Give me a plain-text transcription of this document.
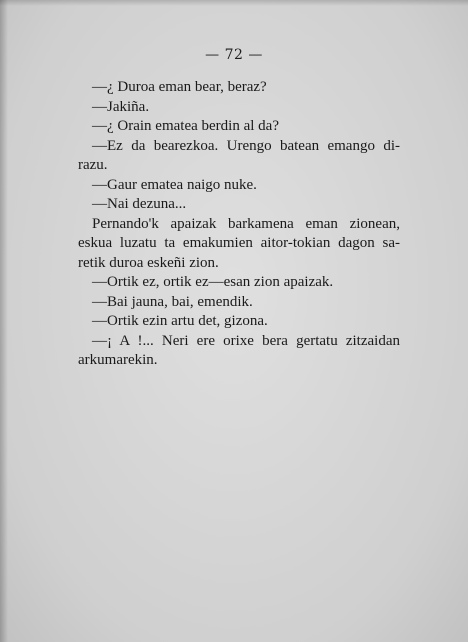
— 72 —
—¿ Duroa eman bear, beraz?
—Jakiña.
—¿ Orain ematea berdin al da?
—Ez da bearezkoa. Urengo batean emango di-
razu.
—Gaur ematea naigo nuke.
—Nai dezuna...
Pernando'k apaizak barkamena eman zionean,
eskua luzatu ta emakumien aitor-tokian dagon sa-
retik duroa eskeñi zion.
—Ortik ez, ortik ez—esan zion apaizak.
—Bai jauna, bai, emendik.
—Ortik ezin artu det, gizona.
—¡ A !... Neri ere orixe bera gertatu zitzaidan
arkumarekin.
